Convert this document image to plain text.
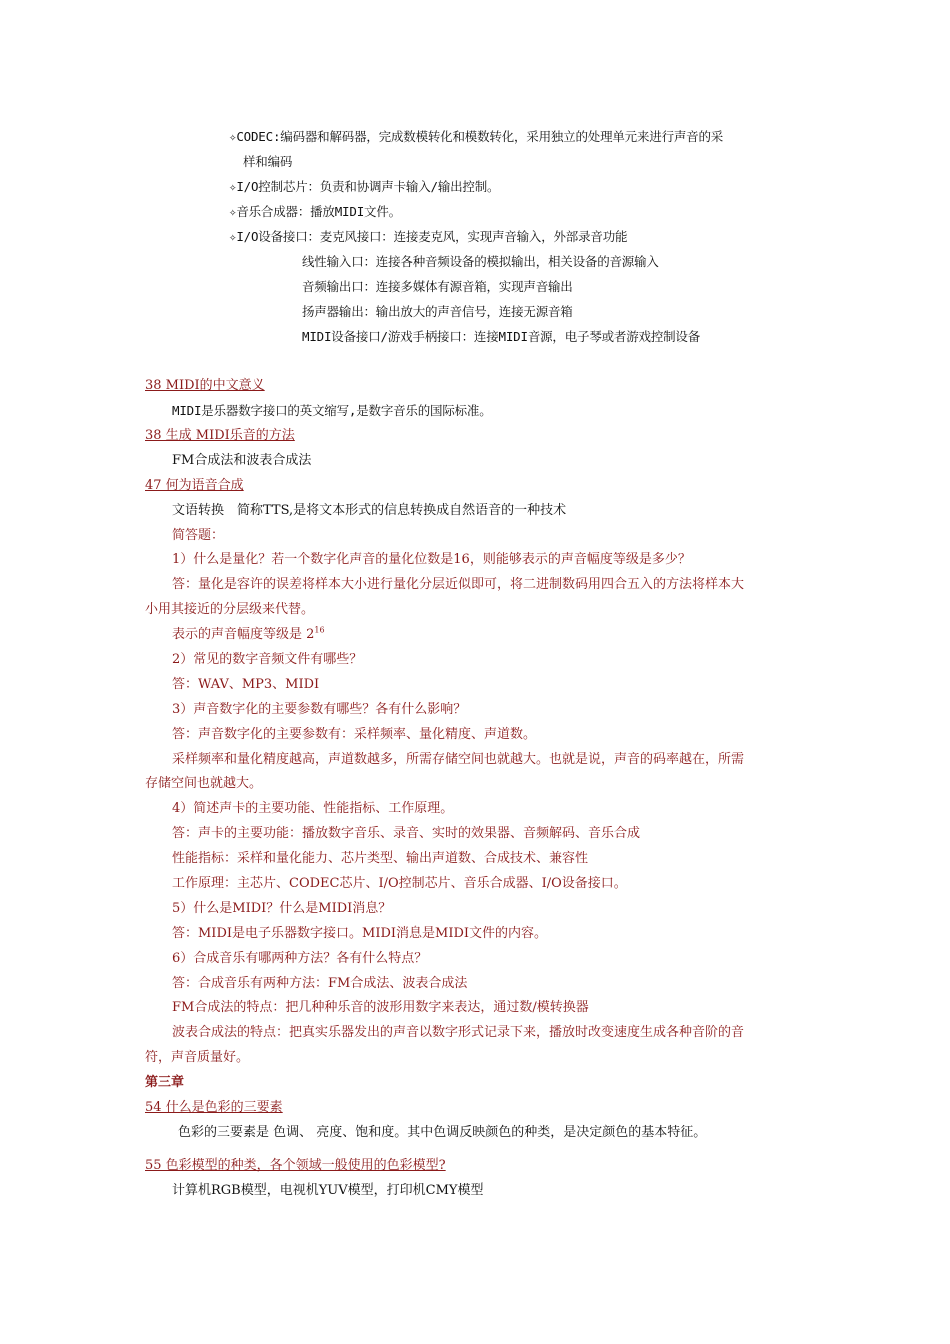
✧CODEC:编码器和解码器，完成数模转化和模数转化，采用独立的处理单元来进行声音的采
样和编码
✧I/O控制芯片：负责和协调声卡输入/输出控制。
✧音乐合成器：播放MIDI文件。
✧I/O设备接口：麦克风接口：连接麦克风，实现声音输入，外部录音功能
线性输入口：连接各种音频设备的模拟输出，相关设备的音源输入
音频输出口：连接多媒体有源音箱，实现声音输出
扬声器输出：输出放大的声音信号，连接无源音箱
MIDI设备接口/游戏手柄接口：连接MIDI音源，电子琴或者游戏控制设备
38 MIDI的中文意义
MIDI是乐器数字接口的英文缩写,是数字音乐的国际标准。
38 生成 MIDI乐音的方法
FM合成法和波表合成法
47 何为语音合成
文语转换　简称TTS,是将文本形式的信息转换成自然语音的一种技术
简答题：
1）什么是量化？若一个数字化声音的量化位数是16，则能够表示的声音幅度等级是多少？
答：量化是容许的误差将样本大小进行量化分层近似即可，将二进制数码用四合五入的方法将样本大
小用其接近的分层级来代替。
表示的声音幅度等级是 $2^{16}$
2）常见的数字音频文件有哪些？
答：WAV、MP3、MIDI
3）声音数字化的主要参数有哪些？各有什么影响？
答：声音数字化的主要参数有：采样频率、量化精度、声道数。
采样频率和量化精度越高，声道数越多，所需存储空间也就越大。也就是说，声音的码率越在，所需
存储空间也就越大。
4）简述声卡的主要功能、性能指标、工作原理。
答：声卡的主要功能：播放数字音乐、录音、实时的效果器、音频解码、音乐合成
性能指标：采样和量化能力、芯片类型、输出声道数、合成技术、兼容性
工作原理：主芯片、CODEC芯片、I/O控制芯片、音乐合成器、I/O设备接口。
5）什么是MIDI？什么是MIDI消息？
答：MIDI是电子乐器数字接口。MIDI消息是MIDI文件的内容。
6）合成音乐有哪两种方法？各有什么特点？
答：合成音乐有两种方法：FM合成法、波表合成法
FM合成法的特点：把几种种乐音的波形用数字来表达，通过数/模转换器
波表合成法的特点：把真实乐器发出的声音以数字形式记录下来，播放时改变速度生成各种音阶的音
符，声音质量好。
第三章
54 什么是色彩的三要素
色彩的三要素是 色调、 亮度、饱和度。其中色调反映颜色的种类，是决定颜色的基本特征。
55 色彩模型的种类，各个领域一般使用的色彩模型?
计算机RGB模型，电视机YUV模型，打印机CMY模型
